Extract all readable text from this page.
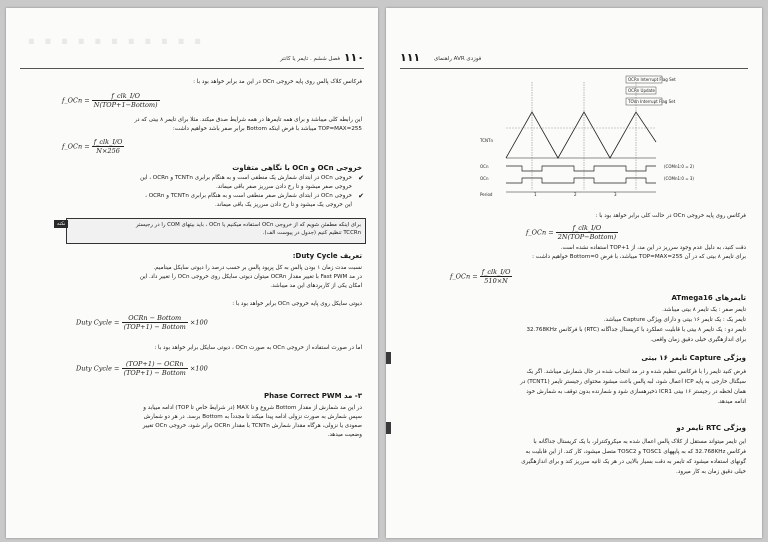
...........
۱۱۰
فصل ششم . تایمر یا کانتر
فرکانس کلاک پالس روی پایه خروجی OCn در این مد برابر خواهد بود با :
f_OCn = $\frac{\text{f\_clk\_I/O}}{\text{N(TOP+1−Bottom)}}$
این رابطه کلی میباشد و برای همه تایمرها در همه شرایط صدق میکند. مثلا برای تایمر ۸ بیتی که در
TOP=MAX=255 میباشد با فرض اینکه Bottom برابر صفر باشد خواهیم داشت:
f_OCn = $\frac{\text{f\_clk\_I/O}}{N\times 256}$
خروجی OCn و OCn با نگاهی متفاوت
✔
خروجی OCn در ابتدای شمارش یک منطقی است و به هنگام برابری TCNTn و OCRn ، این
خروجی صفر میشود و تا رخ دادن سرریز صفر باقی میماند.
✔
خروجی OCn در ابتدای شمارش صفر منطقی است و به هنگام برابری TCNTn و OCRn ،
این خروجی یک میشود و تا رخ دادن سرریز یک باقی میماند.
برای اینکه مطمئن شویم که از خروجی OCn استفاده میکنیم یا OCn ، باید بیتهای COM را در رجیستر
TCCRn تنظیم کنیم (جدول در پیوست الف).
نکته
تعریف Duty Cycle:
نسبت مدت زمان ۱ بودن پالس به کل پریود پالس بر حسب درصد را دیوتی سایکل مینامیم.
در مد Fast PWM با تغییر مقدار OCRn میتوان دیوتی سایکل روی خروجی OCn را تغییر داد. این
امکان یکی از کاربردهای این مد میباشد.
دیوتی سایکل روی پایه خروجی OCn برابر خواهد بود با :
Duty Cycle = $\frac{\text{OCRn − Bottom}}{\text{(TOP+1) − Bottom}} \times 100$
اما در صورت استفاده از خروجی OCn به صورت OCn ، دیوتی سایکل برابر خواهد بود با :
Duty Cycle = $\frac{\text{(TOP+1) − OCRn}}{\text{(TOP+1) − Bottom}} \times 100$
۳- مد Phase Correct PWM
در این مد شمارش از مقدار Bottom شروع و تا MAX (در شرایط خاص تا TOP) ادامه مییابد و
سپس شمارش به صورت نزولی ادامه پیدا میکند تا مجدداً به Bottom برسد. در هر دو شمارش
صعودی یا نزولی، هرگاه مقدار شمارش TCNTn با مقدار OCRn برابر شود، خروجی OCn تغییر
وضعیت میدهد.
۱۱۱	راهنمای AVR فوزدی
OCRn Interrupt Flag Set
OCRn Update
TOVn Interrupt Flag Set
TCNTn
OCn
OCn
(COMn1:0 = 2)
(COMn1:0 = 3)
Period	1	2	3
فرکانس روی پایه خروجی OCn در حالت کلی برابر خواهد بود با :
f_OCn = $\frac{\text{f\_clk\_I/O}}{\text{2N(TOP−Bottom)}}$
دقت کنید، به دلیل عدم وجود سرریز در این مد، از TOP+1 استفاده نشده است.
برای تایمر ۸ بیتی که در آن TOP=MAX=255 میباشد، با فرض Bottom=0 خواهیم داشت :
f_OCn = $\frac{\text{f\_clk\_I/O}}{510\times N}$
تایمرهای ATmega16
تایمر صفر : یک تایمر ۸ بیتی میباشد.
تایمر یک : یک تایمر ۱۶ بیتی و دارای ویژگی Capture میباشد.
تایمر دو : یک تایمر ۸ بیتی با قابلیت عملکرد با کریستال جداگانه (RTC) با فرکانس 32.768KHz
برای اندازهگیری خیلی دقیق زمان واقعی.
ویژگی Capture تایمر ۱۶ بیتی
فرض کنید تایمر را با فرکانس تنظیم شده و در مد انتخاب شده در حال شمارش میباشد. اگر یک
سیگنال خارجی به پایه ICP اعمال شود، لبه پالس باعث میشود محتوای رجیستر تایمر (TCNT1) در
همان لحظه در رجیستر ۱۶ بیتی ICR1 ذخیرهسازی شود و شمارنده بدون توقف به شمارش خود
ادامه میدهد.
ویژگی RTC تایمر دو
این تایمر میتواند مستقل از کلاک پالس اعمال شده به میکروکنترلر، با یک کریستال جداگانه با
فرکانس 32.768KHz که به پایههای TOSC1 و TOSC2 متصل میشود، کار کند. از این قابلیت به
گونهای استفاده میشود که تایمر به دقت بسیار بالایی در هر یک ثانیه سرریز کند و برای اندازهگیری
خیلی دقیق زمان به کار میرود.
